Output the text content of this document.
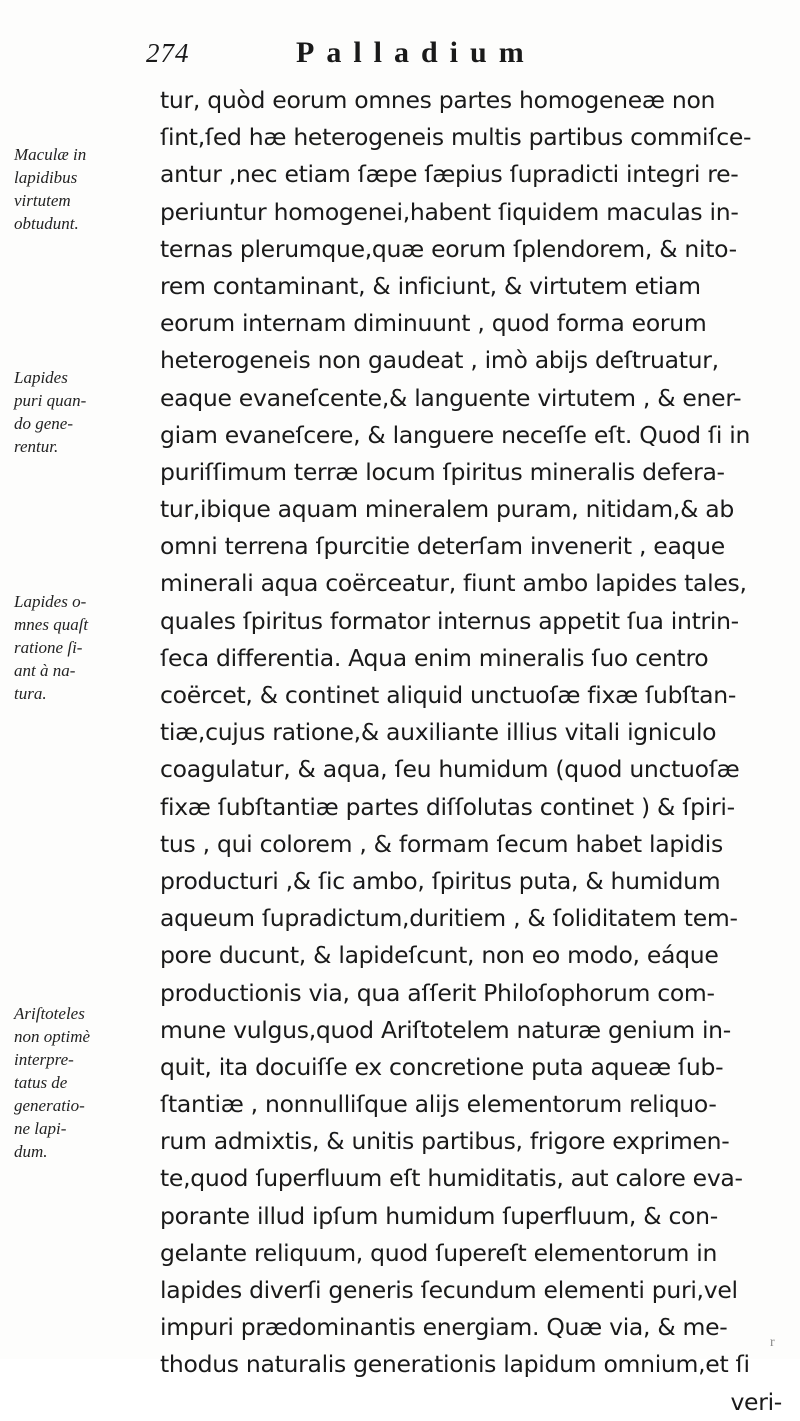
274	Palladium
Maculæ in
lapidibus
virtutem
obtudunt.
Lapides
puri quan-
do gene-
rentur.
Lapides o-
mnes quaſt
ratione ſi-
ant à na-
tura.
Ariſtoteles
non optimè
interpre-
tatus de
generatio-
ne lapi-
dum.
tur, quòd eorum omnes partes homogeneæ non
ſint,ſed hæ heterogeneis multis partibus commiſce-
antur ,nec etiam ſæpe ſæpius ſupradicti integri re-
periuntur homogenei,habent ſiquidem maculas in-
ternas plerumque,quæ eorum ſplendorem, & nito-
rem contaminant, & inficiunt, & virtutem etiam
eorum internam diminuunt , quod forma eorum
heterogeneis non gaudeat , imò abijs deſtruatur,
eaque evaneſcente,& languente virtutem , & ener-
giam evaneſcere, & languere neceſſe eſt. Quod ſi in
puriſſimum terræ locum ſpiritus mineralis defera-
tur,ibique aquam mineralem puram, nitidam,& ab
omni terrena ſpurcitie deterſam invenerit , eaque
minerali aqua coërceatur, fiunt ambo lapides tales,
quales ſpiritus formator internus appetit ſua intrin-
ſeca differentia. Aqua enim mineralis ſuo centro
coërcet, & continet aliquid unctuoſæ fixæ ſubſtan-
tiæ,cujus ratione,& auxiliante illius vitali igniculo
coagulatur, & aqua, ſeu humidum (quod unctuoſæ
fixæ ſubſtantiæ partes diſſolutas continet ) & ſpiri-
tus , qui colorem , & formam ſecum habet lapidis
producturi ,& ſic ambo, ſpiritus puta, & humidum
aqueum ſupradictum,duritiem , & ſoliditatem tem-
pore ducunt, & lapideſcunt, non eo modo, eáque
productionis via, qua aſſerit Philoſophorum com-
mune vulgus,quod Ariſtotelem naturæ genium in-
quit, ita docuiſſe ex concretione puta aqueæ ſub-
ſtantiæ , nonnulliſque alijs elementorum reliquo-
rum admixtis, & unitis partibus, frigore exprimen-
te,quod ſuperfluum eſt humiditatis, aut calore eva-
porante illud ipſum humidum ſuperfluum, & con-
gelante reliquum, quod ſupereſt elementorum in
lapides diverſi generis ſecundum elementi puri,vel
impuri prædominantis energiam. Quæ via, & me-
thodus naturalis generationis lapidum omnium,et ſi
veri-
r
